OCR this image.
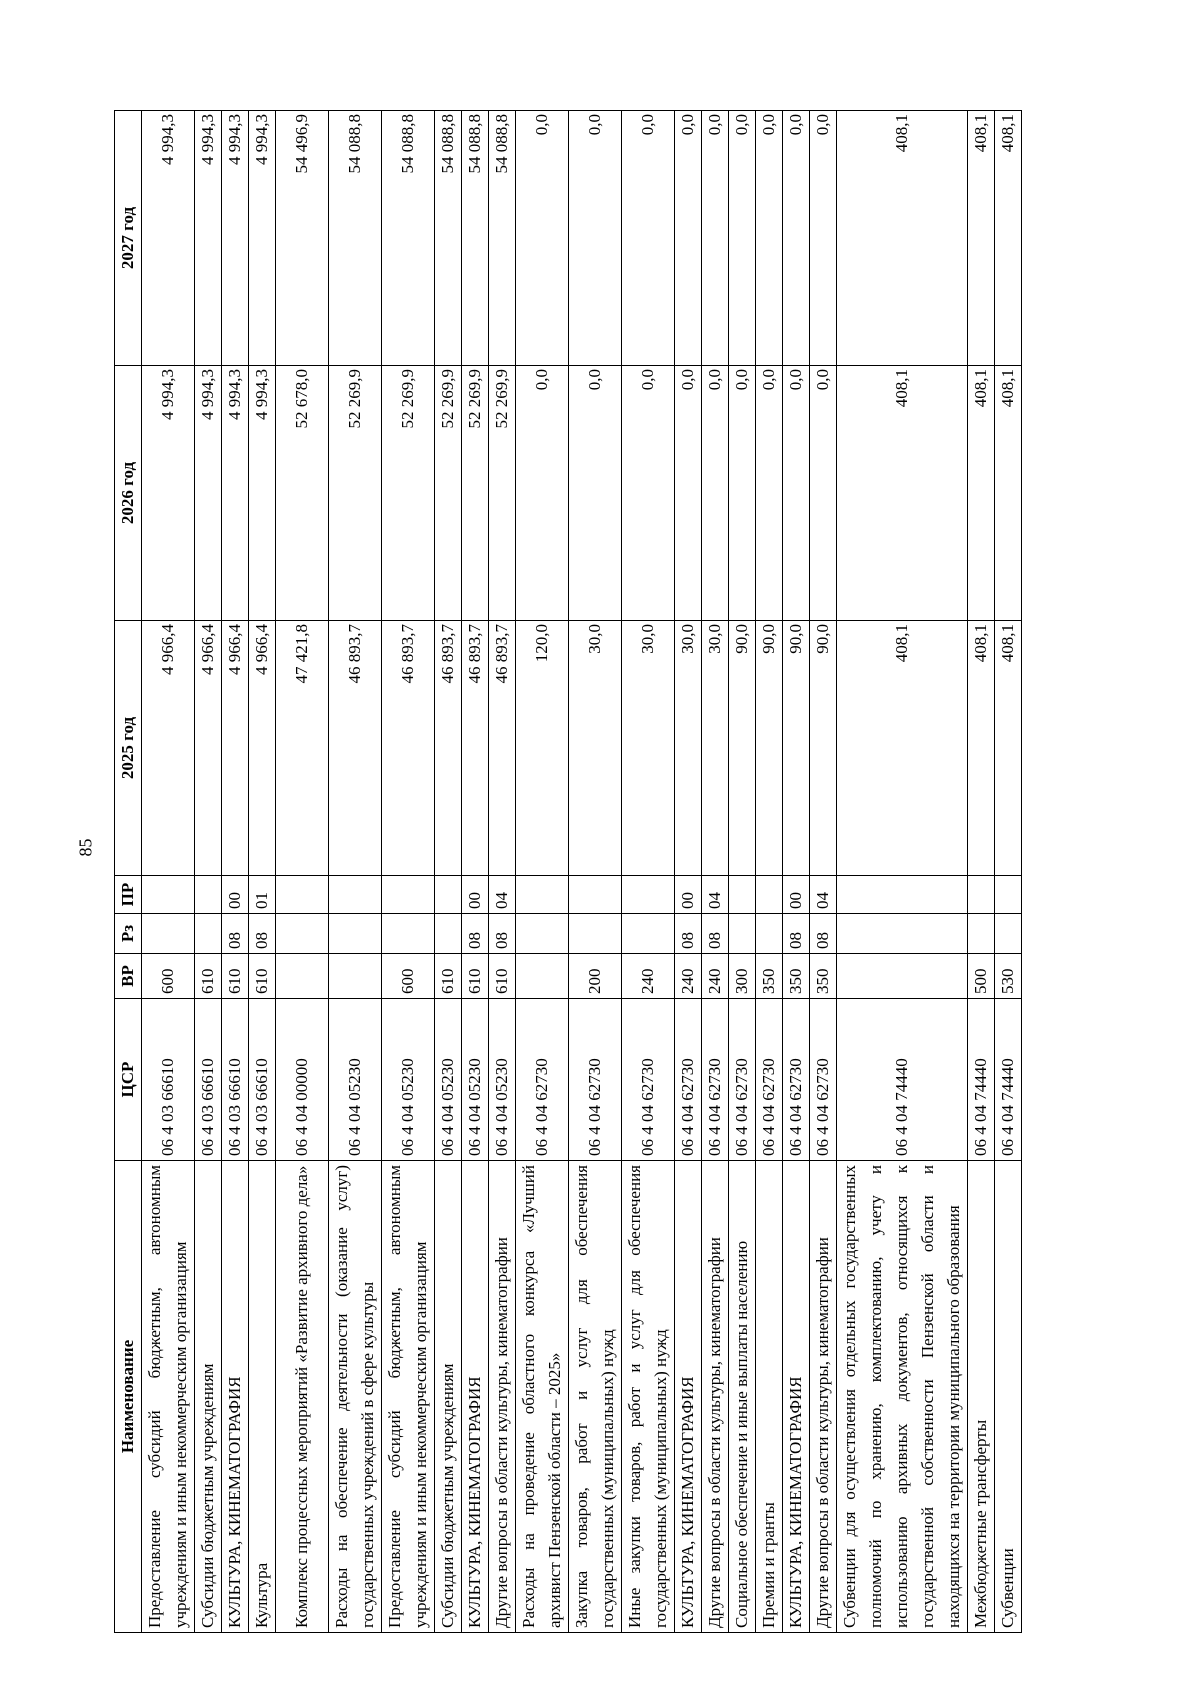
85
Наименование	ЦСР	ВР	Рз	ПР	2025 год	2026 год	2027 год
Предоставление субсидий бюджетным, автономным учреждениям и иным некоммерческим организациям	06 4 03 66610	600			4 966,4	4 994,3	4 994,3
Субсидии бюджетным учреждениям	06 4 03 66610	610			4 966,4	4 994,3	4 994,3
КУЛЬТУРА, КИНЕМАТОГРАФИЯ	06 4 03 66610	610	08	00	4 966,4	4 994,3	4 994,3
Культура	06 4 03 66610	610	08	01	4 966,4	4 994,3	4 994,3
Комплекс процессных мероприятий «Развитие архивного дела»	06 4 04 00000				47 421,8	52 678,0	54 496,9
Расходы на обеспечение деятельности (оказание услуг) государственных учреждений в сфере культуры	06 4 04 05230				46 893,7	52 269,9	54 088,8
Предоставление субсидий бюджетным, автономным учреждениям и иным некоммерческим организациям	06 4 04 05230	600			46 893,7	52 269,9	54 088,8
Субсидии бюджетным учреждениям	06 4 04 05230	610			46 893,7	52 269,9	54 088,8
КУЛЬТУРА, КИНЕМАТОГРАФИЯ	06 4 04 05230	610	08	00	46 893,7	52 269,9	54 088,8
Другие вопросы в области культуры, кинематографии	06 4 04 05230	610	08	04	46 893,7	52 269,9	54 088,8
Расходы на проведение областного конкурса «Лучший архивист Пензенской области – 2025»	06 4 04 62730				120,0	0,0	0,0
Закупка товаров, работ и услуг для обеспечения государственных (муниципальных) нужд	06 4 04 62730	200			30,0	0,0	0,0
Иные закупки товаров, работ и услуг для обеспечения государственных (муниципальных) нужд	06 4 04 62730	240			30,0	0,0	0,0
КУЛЬТУРА, КИНЕМАТОГРАФИЯ	06 4 04 62730	240	08	00	30,0	0,0	0,0
Другие вопросы в области культуры, кинематографии	06 4 04 62730	240	08	04	30,0	0,0	0,0
Социальное обеспечение и иные выплаты населению	06 4 04 62730	300			90,0	0,0	0,0
Премии и гранты	06 4 04 62730	350			90,0	0,0	0,0
КУЛЬТУРА, КИНЕМАТОГРАФИЯ	06 4 04 62730	350	08	00	90,0	0,0	0,0
Другие вопросы в области культуры, кинематографии	06 4 04 62730	350	08	04	90,0	0,0	0,0
Субвенции для осуществления отдельных государственных полномочий по хранению, комплектованию, учету и использованию архивных документов, относящихся к государственной собственности Пензенской области и находящихся на территории муниципального образования	06 4 04 74440				408,1	408,1	408,1
Межбюджетные трансферты	06 4 04 74440	500			408,1	408,1	408,1
Субвенции	06 4 04 74440	530			408,1	408,1	408,1
